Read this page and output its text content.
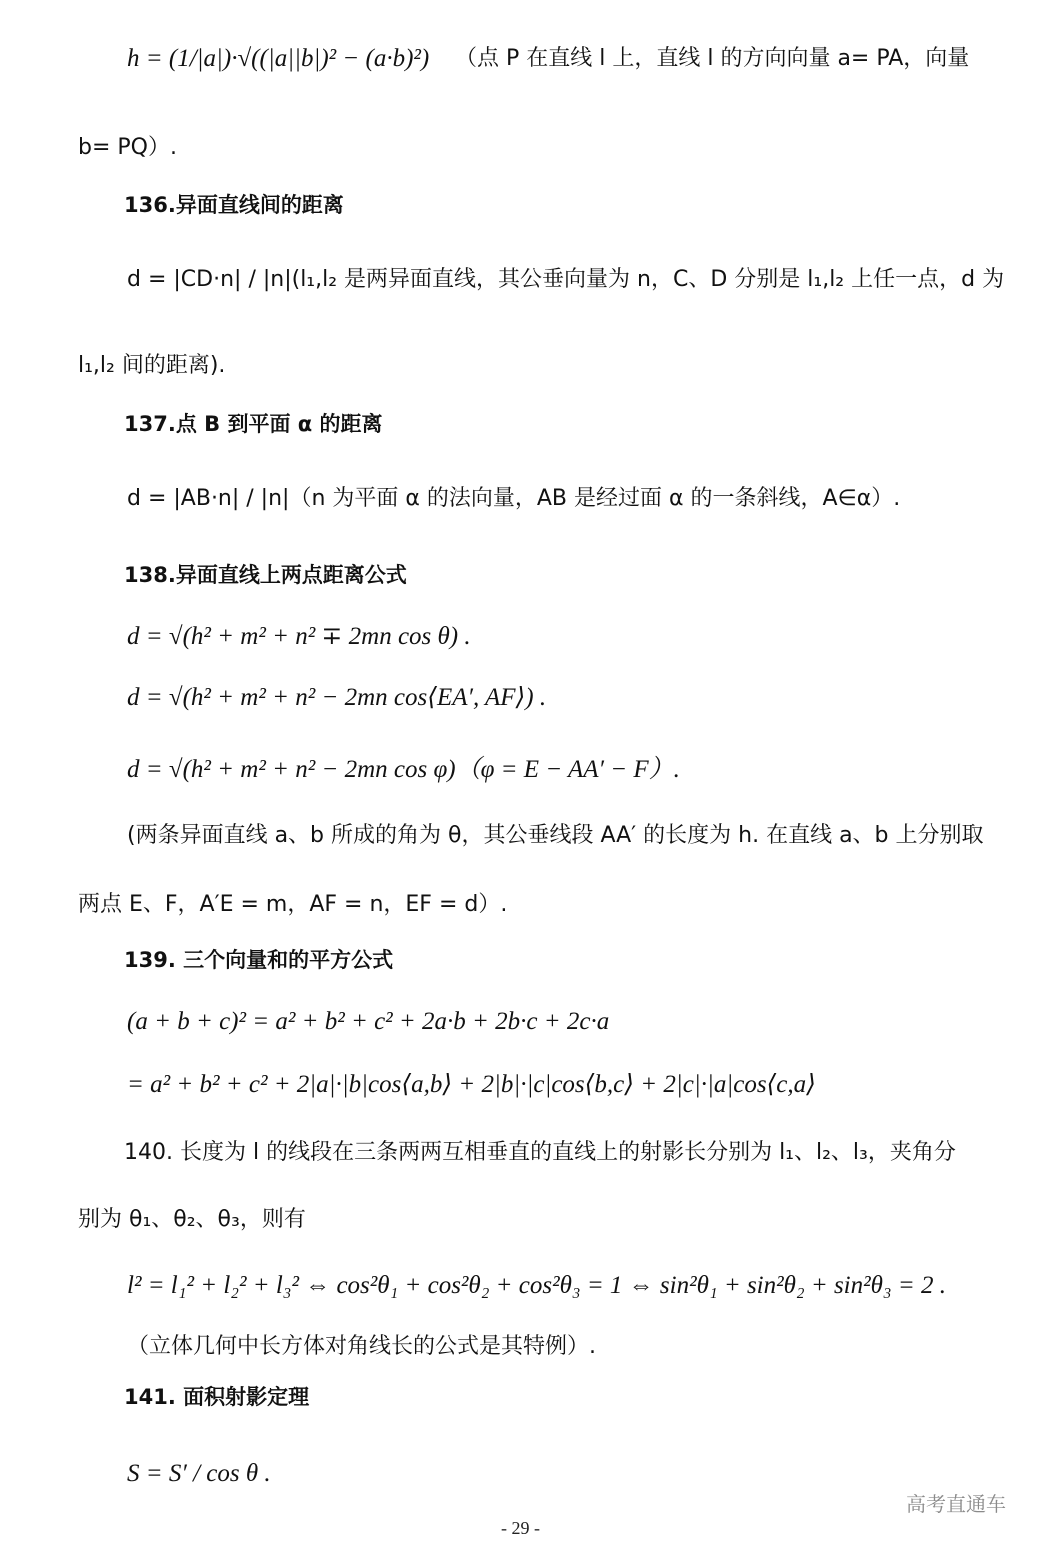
h = (1/|a|)·√((|a||b|)² − (a·b)²) （点 P 在直线 l 上，直线 l 的方向向量 a= PA，向量
b= PQ）.
136.异面直线间的距离
d = |CD·n| / |n|(l₁,l₂ 是两异面直线，其公垂向量为 n，C、D 分别是 l₁,l₂ 上任一点，d 为
l₁,l₂ 间的距离).
137.点 B 到平面 α 的距离
d = |AB·n| / |n|（n 为平面 α 的法向量，AB 是经过面 α 的一条斜线，A∈α）.
138.异面直线上两点距离公式
d = √(h² + m² + n² ∓ 2mn cos θ) .
d = √(h² + m² + n² − 2mn cos⟨EA′, AF⟩) .
d = √(h² + m² + n² − 2mn cos φ)（φ = E − AA′ − F）.
(两条异面直线 a、b 所成的角为 θ，其公垂线段 AA′ 的长度为 h. 在直线 a、b 上分别取
两点 E、F，A′E = m，AF = n，EF = d）.
139. 三个向量和的平方公式
(a + b + c)² = a² + b² + c² + 2a·b + 2b·c + 2c·a
= a² + b² + c² + 2|a|·|b|cos⟨a,b⟩ + 2|b|·|c|cos⟨b,c⟩ + 2|c|·|a|cos⟨c,a⟩
140. 长度为 l 的线段在三条两两互相垂直的直线上的射影长分别为 l₁、l₂、l₃，夹角分
别为 θ₁、θ₂、θ₃，则有
l² = l₁² + l₂² + l₃² ⇔ cos²θ₁ + cos²θ₂ + cos²θ₃ = 1 ⇔ sin²θ₁ + sin²θ₂ + sin²θ₃ = 2 .
（立体几何中长方体对角线长的公式是其特例）.
141. 面积射影定理
S = S′ / cos θ .
高考直通车
- 29 -
